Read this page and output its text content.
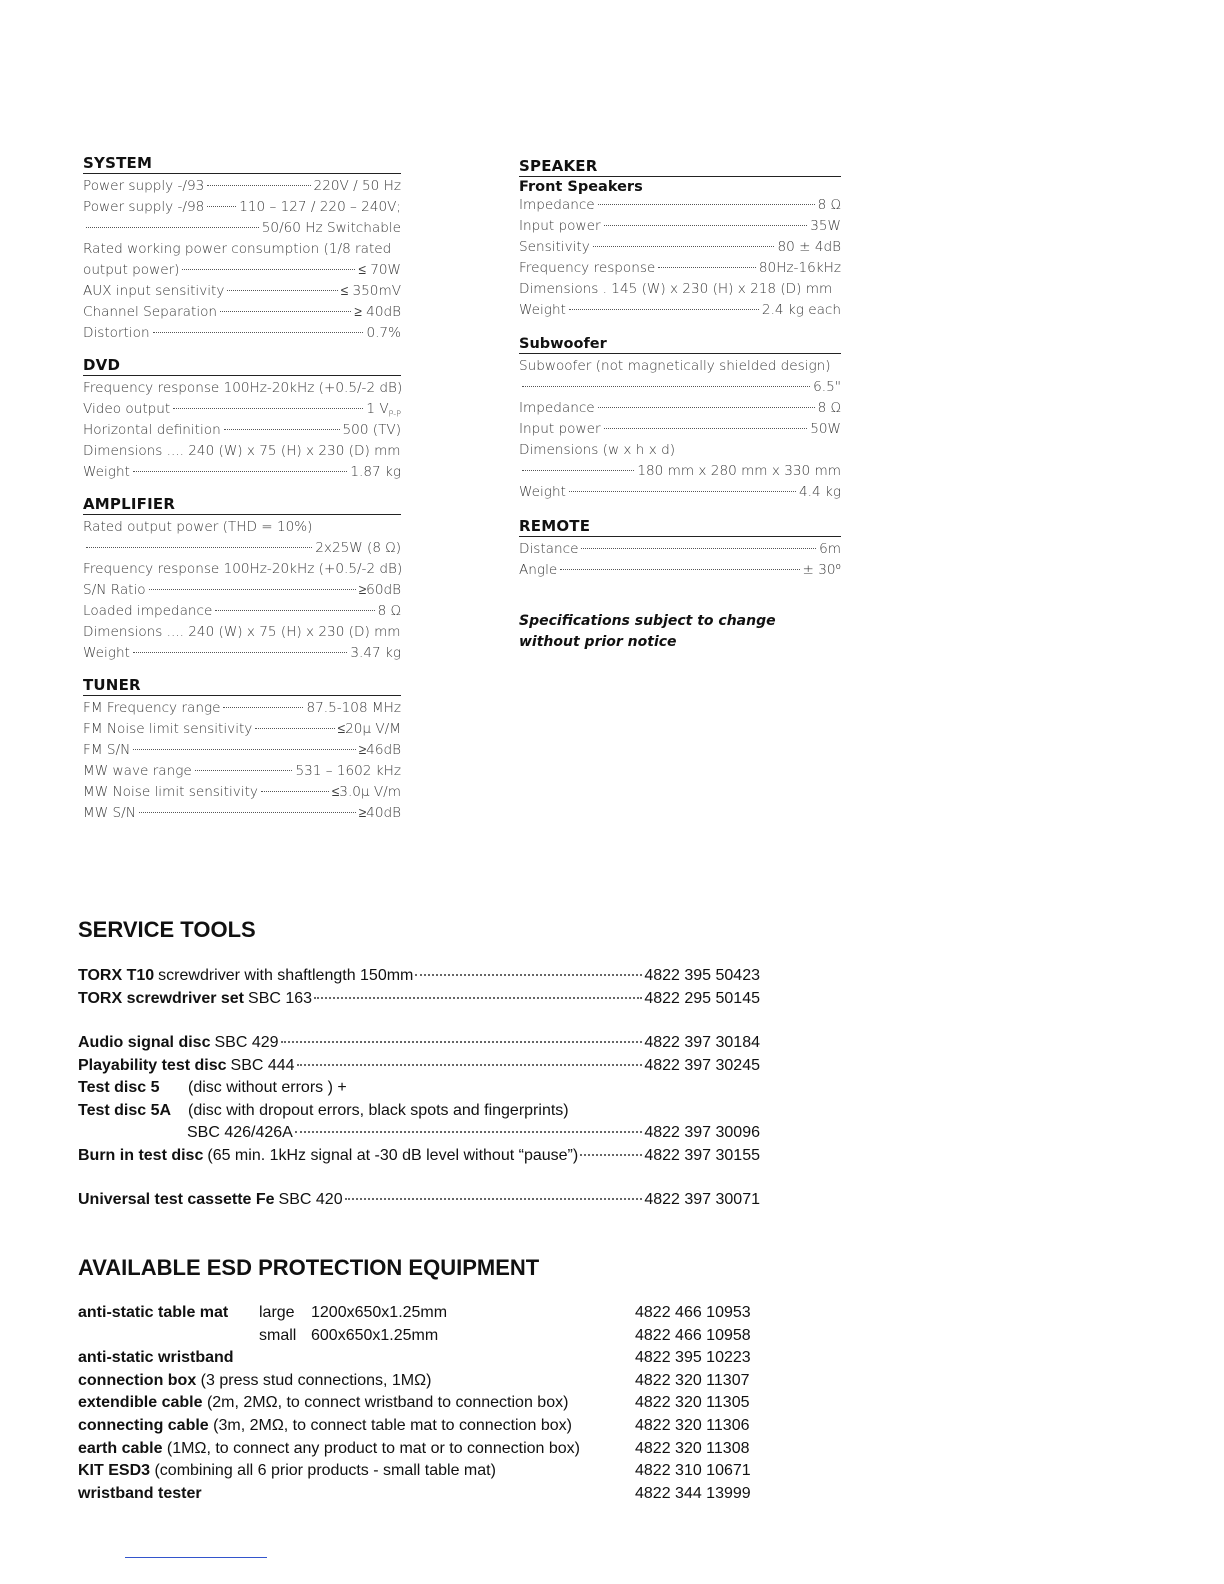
SYSTEM
Power supply -/93	220V / 50 Hz
Power supply -/98	110 – 127 / 220 – 240V;
50/60 Hz Switchable
Rated working power consumption (1/8 rated
output power)	≤ 70W
AUX input sensitivity	≤ 350mV
Channel Separation	≥ 40dB
Distortion	0.7%
DVD
Frequency response 100Hz-20kHz (+0.5/-2 dB)
Video output	1 $V_{P-P}$
Horizontal definition	500 (TV)
Dimensions .... 240 (W) x 75 (H) x 230 (D) mm
Weight	1.87 kg
AMPLIFIER
Rated output power (THD = 10%)
2x25W (8 Ω)
Frequency response 100Hz-20kHz (+0.5/-2 dB)
S/N Ratio	≥60dB
Loaded impedance	8 Ω
Dimensions .... 240 (W) x 75 (H) x 230 (D) mm
Weight	3.47 kg
TUNER
FM Frequency range	87.5-108 MHz
FM Noise limit sensitivity	≤20µ V/M
FM S/N	≥46dB
MW wave range	531 – 1602 kHz
MW Noise limit sensitivity	≤3.0µ V/m
MW S/N	≥40dB
SPEAKER
Front Speakers
Impedance	8 Ω
Input power	35W
Sensitivity	80 ± 4dB
Frequency response	80Hz-16kHz
Dimensions . 145 (W) x 230 (H) x 218 (D) mm
Weight	2.4 kg each
Subwoofer
Subwoofer (not magnetically shielded design)
6.5"
Impedance	8 Ω
Input power	50W
Dimensions (w x h x d)
180 mm x 280 mm x 330 mm
Weight	4.4 kg
REMOTE
Distance	6m
Angle	± 30⁰
Specifications subject to change without prior notice
SERVICE TOOLS
TORX T10 screwdriver with shaftlength 150mm	4822 395 50423
TORX screwdriver set SBC 163	4822 295 50145
Audio signal disc SBC 429	4822 397 30184
Playability test disc SBC 444	4822 397 30245
Test disc 5	(disc without errors ) +
Test disc 5A	(disc with dropout errors, black spots and fingerprints)
SBC 426/426A	4822 397 30096
Burn in test disc (65 min. 1kHz signal at -30 dB level without “pause”)	4822 397 30155
Universal test cassette Fe SBC 420	4822 397 30071
AVAILABLE ESD PROTECTION EQUIPMENT
anti-static table mat large 1200x650x1.25mm	4822 466 10953
small 600x650x1.25mm	4822 466 10958
anti-static wristband	4822 395 10223
connection box (3 press stud connections, 1MΩ)	4822 320 11307
extendible cable (2m, 2MΩ, to connect wristband to connection box)	4822 320 11305
connecting cable (3m, 2MΩ, to connect table mat to connection box)	4822 320 11306
earth cable (1MΩ, to connect any product to mat or to connection box)	4822 320 11308
KIT ESD3 (combining all 6 prior products - small table mat)	4822 310 10671
wristband tester	4822 344 13999
